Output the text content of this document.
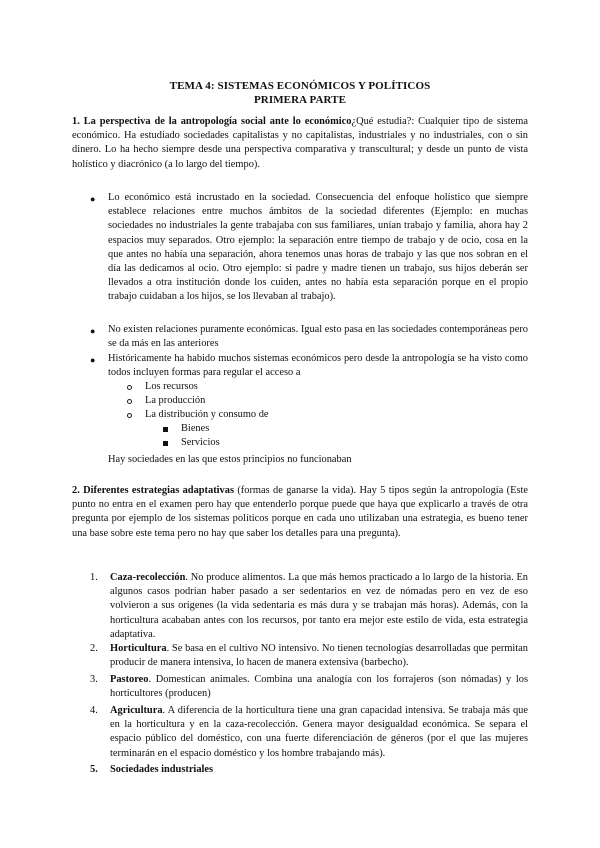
TEMA 4: SISTEMAS ECONÓMICOS Y POLÍTICOS
PRIMERA PARTE
1. La perspectiva de la antropología social ante lo económico¿Qué estudia?: Cualquier tipo de sistema económico. Ha estudiado sociedades capitalistas y no capitalistas, industriales y no industriales, con o sin dinero. Lo ha hecho siempre desde una perspectiva comparativa y transcultural; y desde un punto de vista holístico y diacrónico (a lo largo del tiempo).
● Lo económico está incrustado en la sociedad. Consecuencia del enfoque holístico que siempre establece relaciones entre muchos ámbitos de la sociedad diferentes (Ejemplo: en muchas sociedades no industriales la gente trabajaba con sus familiares, unían trabajo y familia, ahora hay 2 espacios muy separados. Otro ejemplo: la separación entre tiempo de trabajo y de ocio, cosa en la que antes no había una separación, ahora tenemos unas horas de trabajo y las que nos sobran en el día las dedicamos al ocio. Otro ejemplo: si padre y madre tienen un trabajo, sus hijos deberán ser llevados a otra institución donde los cuiden, antes no había esta separación porque en el propio trabajo cuidaban a los hijos, se los llevaban al trabajo).
● No existen relaciones puramente económicas. Igual esto pasa en las sociedades contemporáneas pero se da más en las anteriores
● Históricamente ha habido muchos sistemas económicos pero desde la antropología se ha visto como todos incluyen formas para regular el acceso a
Los recursos
La producción
La distribución y consumo de
Bienes
Servicios
Hay sociedades en las que estos principios no funcionaban
2. Diferentes estrategias adaptativas (formas de ganarse la vida). Hay 5 tipos según la antropología (Este punto no entra en el examen pero hay que entenderlo porque puede que haya que explicarlo a través de otra pregunta por ejemplo de los sistemas políticos porque en cada uno utilizaban una estrategia, es bueno tener una base sobre este tema pero no hay que saber los detalles para una pregunta).
1. Caza-recolección. No produce alimentos. La que más hemos practicado a lo largo de la historia. En algunos casos podrían haber pasado a ser sedentarios en vez de nómadas pero en vez de eso volvieron a sus orígenes (la vida sedentaria es más dura y se trabajan más horas). Además, con la horticultura acababan antes con los recursos, por tanto era mejor este estilo de vida, esta estrategia adaptativa.
2. Horticultura. Se basa en el cultivo NO intensivo. No tienen tecnologías desarrolladas que permitan producir de manera intensiva, lo hacen de manera extensiva (barbecho).
3. Pastoreo. Domestican animales. Combina una analogía con los forrajeros (son nómadas) y los horticultores (producen)
4. Agricultura. A diferencia de la horticultura tiene una gran capacidad intensiva. Se trabaja más que en la horticultura y en la caza-recolección. Genera mayor desigualdad económica. Se separa el espacio público del doméstico, con una fuerte diferenciación de géneros (por el que las mujeres terminarán en el espacio doméstico y los hombre trabajando más).
5. Sociedades industriales
